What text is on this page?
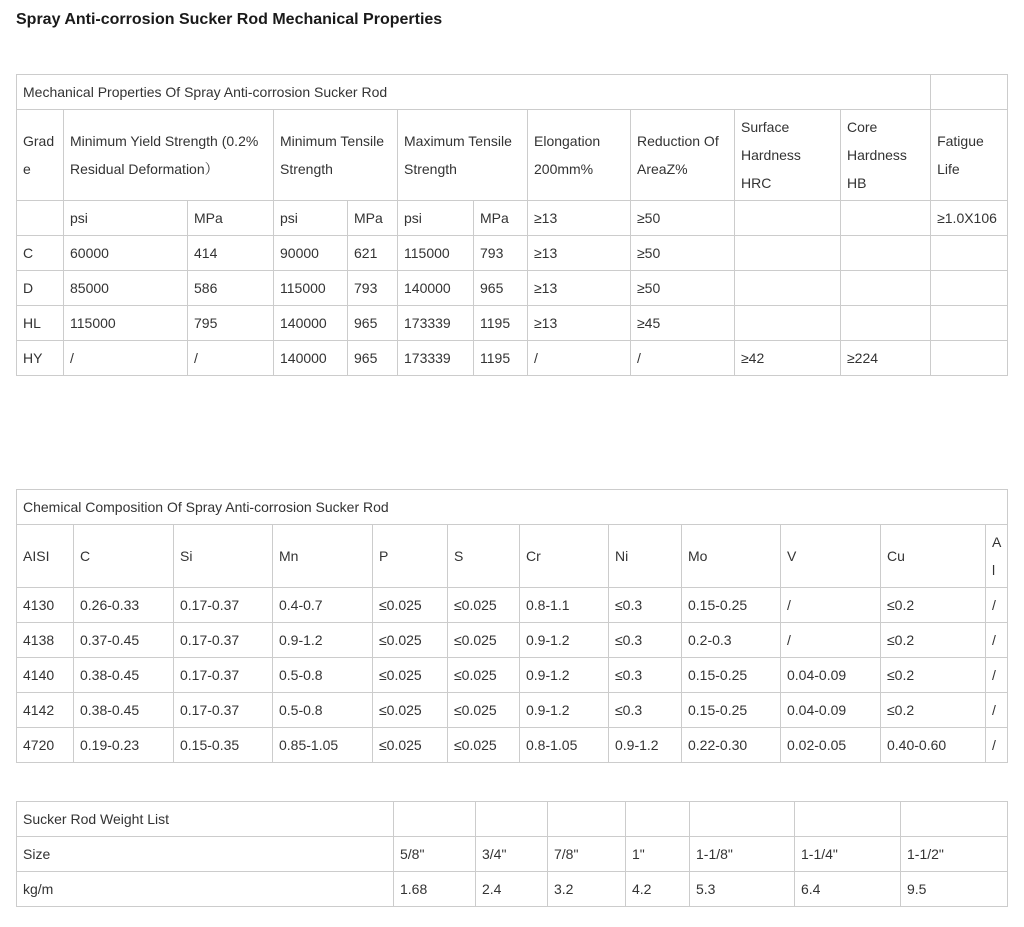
Spray Anti-corrosion Sucker Rod Mechanical Properties
Mechanical Properties Of Spray Anti-corrosion Sucker Rod											
Grade	Minimum Yield Strength (0.2% Residual Deformation）		Minimum Tensile Strength		Maximum Tensile Strength		Elongation 200mm%	Reduction Of AreaZ%	Surface Hardness HRC	Core Hardness HB	Fatigue Life
	psi	MPa	psi	MPa	psi	MPa	≥13	≥50			≥1.0X106
C	60000	414	90000	621	115000	793	≥13	≥50			
D	85000	586	115000	793	140000	965	≥13	≥50			
HL	115000	795	140000	965	173339	1195	≥13	≥45			
HY	/	/	140000	965	173339	1195	/	/	≥42	≥224	
Chemical Composition Of Spray Anti-corrosion Sucker Rod											
AISI	C	Si	Mn	P	S	Cr	Ni	Mo	V	Cu	Al
4130	0.26-0.33	0.17-0.37	0.4-0.7	≤0.025	≤0.025	0.8-1.1	≤0.3	0.15-0.25	/	≤0.2	/
4138	0.37-0.45	0.17-0.37	0.9-1.2	≤0.025	≤0.025	0.9-1.2	≤0.3	0.2-0.3	/	≤0.2	/
4140	0.38-0.45	0.17-0.37	0.5-0.8	≤0.025	≤0.025	0.9-1.2	≤0.3	0.15-0.25	0.04-0.09	≤0.2	/
4142	0.38-0.45	0.17-0.37	0.5-0.8	≤0.025	≤0.025	0.9-1.2	≤0.3	0.15-0.25	0.04-0.09	≤0.2	/
4720	0.19-0.23	0.15-0.35	0.85-1.05	≤0.025	≤0.025	0.8-1.05	0.9-1.2	0.22-0.30	0.02-0.05	0.40-0.60	/
Sucker Rod Weight List							
Size	5/8"	3/4"	7/8"	1"	1-1/8"	1-1/4"	1-1/2"
kg/m	1.68	2.4	3.2	4.2	5.3	6.4	9.5
